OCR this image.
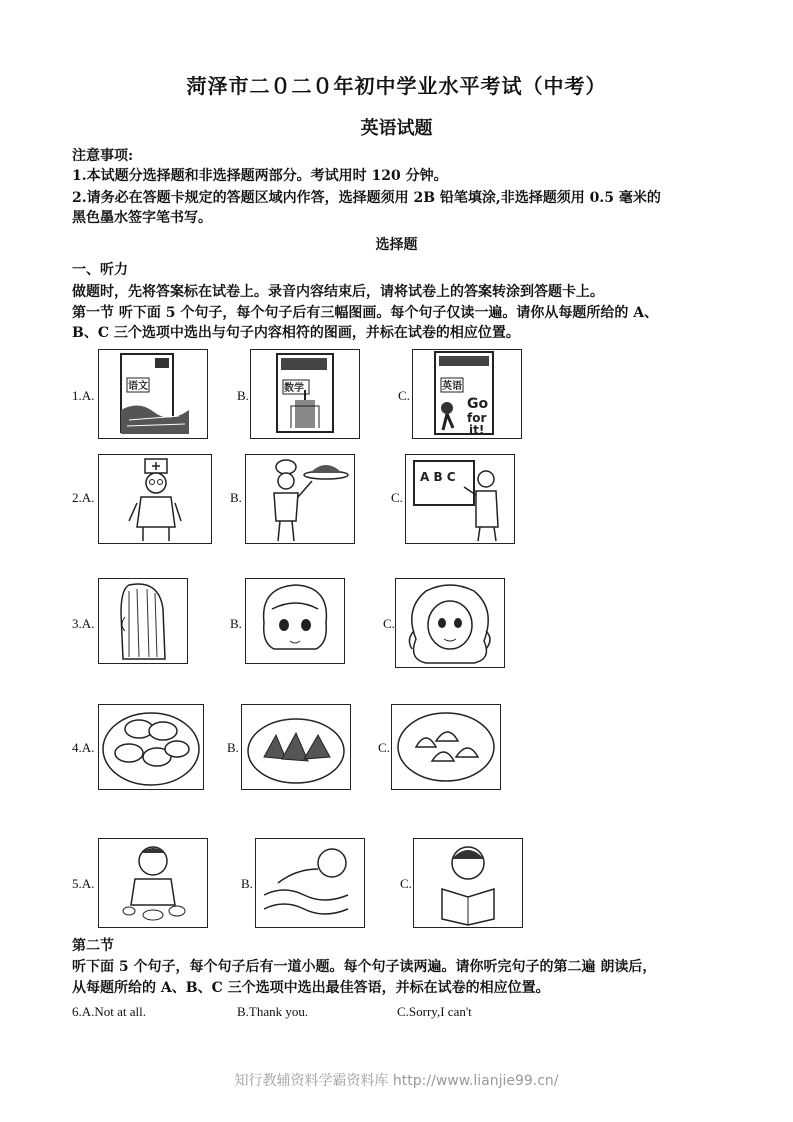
菏泽市二０二０年初中学业水平考试（中考）
英语试题
注意事项:
1.本试题分选择题和非选择题两部分。考试用时 120 分钟。
2.请务必在答题卡规定的答题区域内作答，选择题须用 2B 铅笔填涂,非选择题须用 0.5 毫米的
黑色墨水签字笔书写。
选择题
一、听力
做题时，先将答案标在试卷上。录音内容结束后，请将试卷上的答案转涂到答题卡上。
第一节 听下面 5 个句子，每个句子后有三幅图画。每个句子仅读一遍。请你从每题所给的 A、
B、C 三个选项中选出与句子内容相符的图画，并标在试卷的相应位置。
1.A.
语文
B.	数学	C.
Go
for
it!
英语
2.A.	B.	C.
A B C
3.A.	B.	C.
4.A.	B.	C.
5.A.	B.	C.
第二节
听下面 5 个句子，每个句子后有一道小题。每个句子读两遍。请你听完句子的第二遍 朗读后，
从每题所给的 A、B、C 三个选项中选出最佳答语，并标在试卷的相应位置。
6.A.Not at all.	B.Thank you.	C.Sorry,I can't
知行教辅资料学霸资料库 http://www.lianjie99.cn/
